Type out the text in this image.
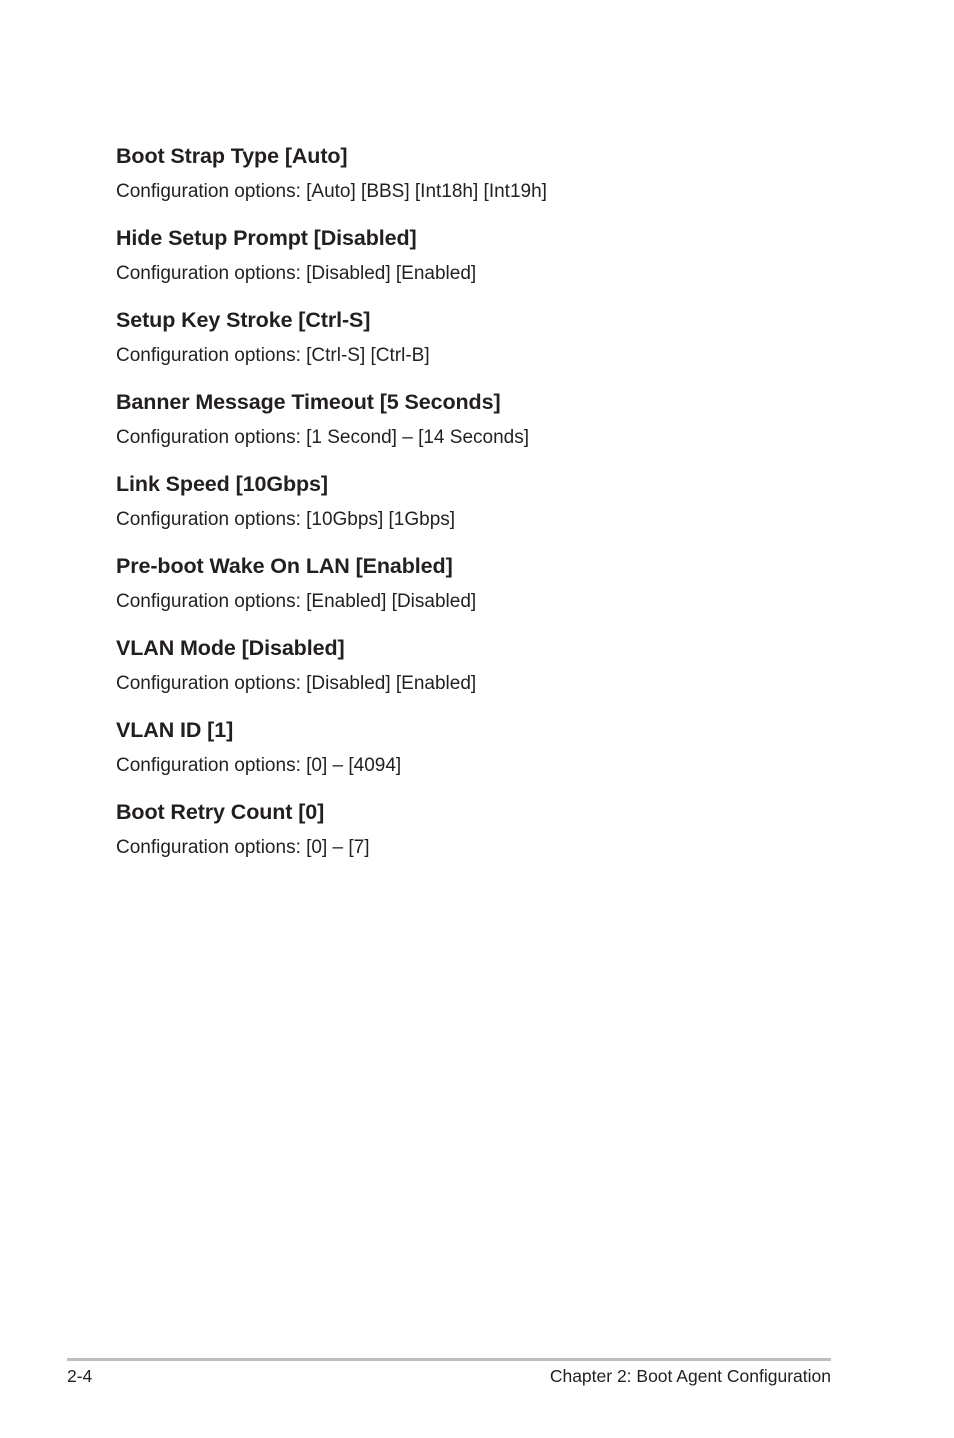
Boot Strap Type [Auto]
Configuration options: [Auto] [BBS] [Int18h] [Int19h]
Hide Setup Prompt [Disabled]
Configuration options: [Disabled] [Enabled]
Setup Key Stroke [Ctrl-S]
Configuration options: [Ctrl-S] [Ctrl-B]
Banner Message Timeout [5 Seconds]
Configuration options: [1 Second] – [14 Seconds]
Link Speed [10Gbps]
Configuration options: [10Gbps] [1Gbps]
Pre-boot Wake On LAN [Enabled]
Configuration options: [Enabled] [Disabled]
VLAN Mode [Disabled]
Configuration options: [Disabled] [Enabled]
VLAN ID [1]
Configuration options: [0] – [4094]
Boot Retry Count [0]
Configuration options: [0] – [7]
2-4	Chapter 2: Boot Agent Configuration
